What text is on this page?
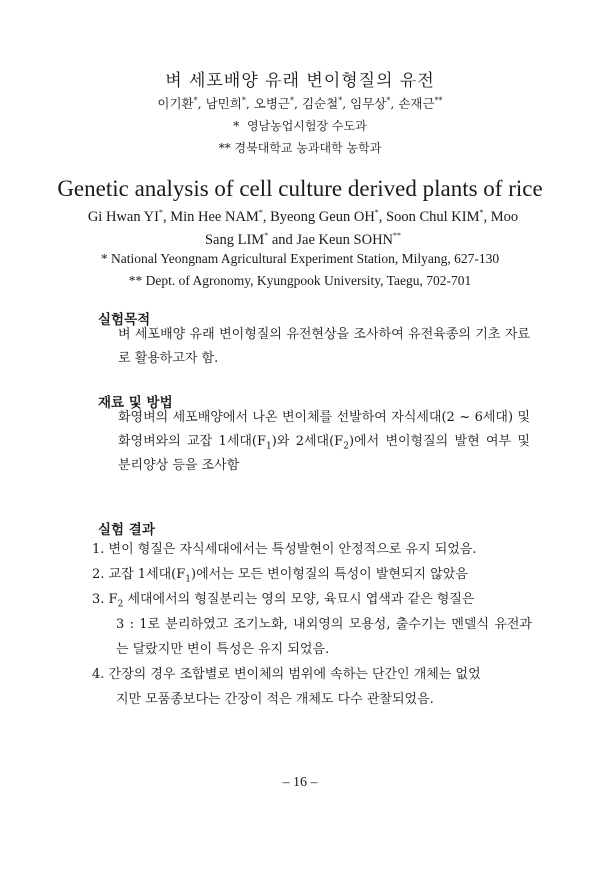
벼 세포배양 유래 변이형질의 유전
이기환*, 남민희*, 오병근*, 김순철*, 임무상*, 손재근**
* 영남농업시험장 수도과
** 경북대학교 농과대학 농학과
Genetic analysis of cell culture derived plants of rice
Gi Hwan YI*, Min Hee NAM*, Byeong Geun OH*, Soon Chul KIM*, Moo Sang LIM* and Jae Keun SOHN**
* National Yeongnam Agricultural Experiment Station, Milyang, 627-130
** Dept. of Agronomy, Kyungpook University, Taegu, 702-701
실험목적
벼 세포배양 유래 변이형질의 유전현상을 조사하여 유전육종의 기초 자료로 활용하고자 함.
재료 및 방법
화영벼의 세포배양에서 나온 변이체를 선발하여 자식세대(2 ~ 6세대) 및 화영벼와의 교잡 1세대$(F_1)$와 2세대$(F_2)$에서 변이형질의 발현 여부 및 분리양상 등을 조사함
실험 결과
1. 변이 형질은 자식세대에서는 특성발현이 안정적으로 유지 되었음.
2. 교잡 1세대$(F_1)$에서는 모든 변이형질의 특성이 발현되지 않았음
3. $F_2$ 세대에서의 형질분리는 영의 모양, 육묘시 엽색과 같은 형질은
3 : 1로 분리하였고 조기노화, 내외영의 모용성, 출수기는 멘델식 유전과는 달랐지만 변이 특성은 유지 되었음.
4. 간장의 경우 조합별로 변이체의 범위에 속하는 단간인 개체는 없었
지만 모품종보다는 간장이 적은 개체도 다수 관찰되었음.
– 16 –
